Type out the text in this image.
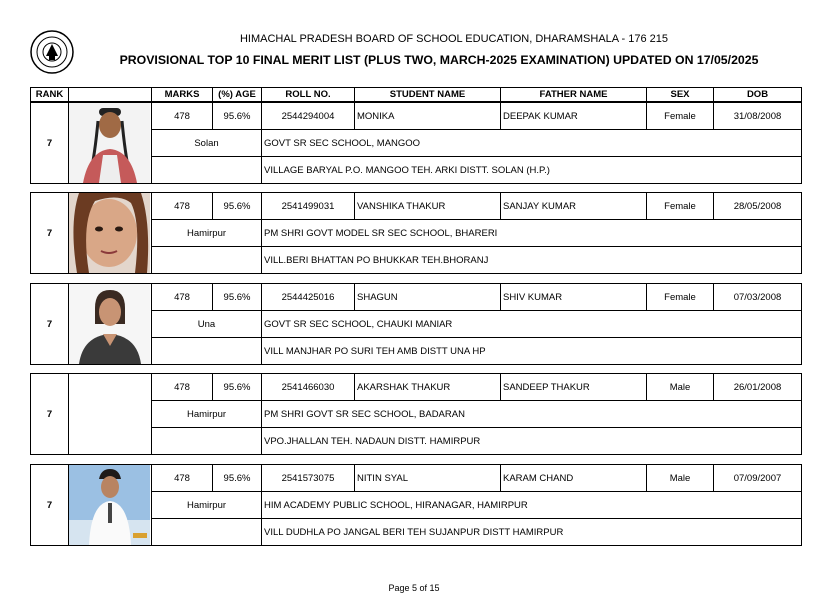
HIMACHAL PRADESH BOARD OF SCHOOL EDUCATION, DHARAMSHALA - 176 215
PROVISIONAL TOP 10 FINAL MERIT LIST (PLUS TWO, MARCH-2025 EXAMINATION) UPDATED ON 17/05/2025
RANK		MARKS	(%) AGE	ROLL NO.	STUDENT NAME	FATHER NAME	SEX	DOB
7		478	95.6%	2544294004	MONIKA	DEEPAK KUMAR	Female	31/08/2008
		Solan		GOVT SR SEC SCHOOL, MANGOO				
				VILLAGE BARYAL P.O. MANGOO TEH. ARKI DISTT. SOLAN (H.P.)				
7		478	95.6%	2541499031	VANSHIKA THAKUR	SANJAY KUMAR	Female	28/05/2008
		Hamirpur		PM SHRI GOVT MODEL SR SEC SCHOOL, BHARERI				
				VILL.BERI BHATTAN PO BHUKKAR TEH.BHORANJ				
7		478	95.6%	2544425016	SHAGUN	SHIV KUMAR	Female	07/03/2008
		Una		GOVT SR SEC SCHOOL, CHAUKI MANIAR				
				VILL MANJHAR PO SURI TEH AMB DISTT UNA HP				
7		478	95.6%	2541466030	AKARSHAK THAKUR	SANDEEP THAKUR	Male	26/01/2008
		Hamirpur		PM SHRI GOVT SR SEC SCHOOL, BADARAN				
				VPO.JHALLAN TEH. NADAUN DISTT. HAMIRPUR				
7		478	95.6%	2541573075	NITIN SYAL	KARAM CHAND	Male	07/09/2007
		Hamirpur		HIM ACADEMY PUBLIC SCHOOL, HIRANAGAR, HAMIRPUR				
				VILL DUDHLA PO JANGAL BERI TEH SUJANPUR DISTT HAMIRPUR				
Page 5 of 15
